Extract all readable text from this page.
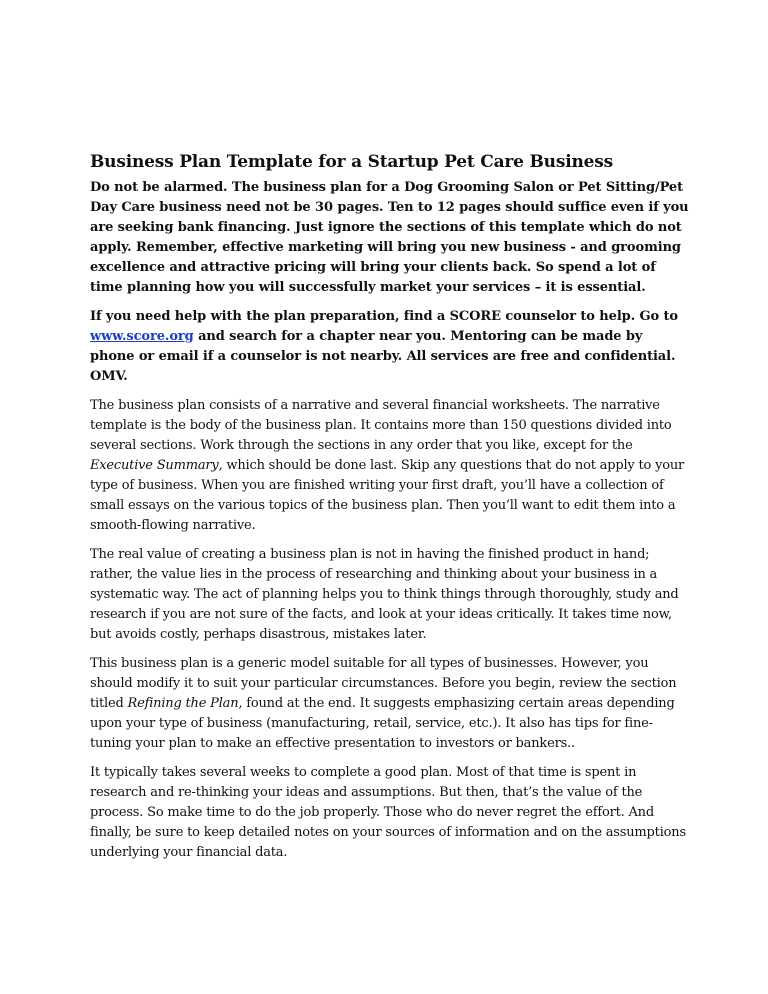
Business Plan Template for a Startup Pet Care Business

Do not be alarmed. The business plan for a Dog Grooming Salon or Pet Sitting/Pet Day Care business need not be 30 pages. Ten to 12 pages should suffice even if you are seeking bank financing. Just ignore the sections of this template which do not apply. Remember, effective marketing will bring you new business - and grooming excellence and attractive pricing will bring your clients back. So spend a lot of time planning how you will successfully market your services – it is essential.

If you need help with the plan preparation, find a SCORE counselor to help. Go to www.score.org and search for a chapter near you. Mentoring can be made by phone or email if a counselor is not nearby. All services are free and confidential. OMV.

The business plan consists of a narrative and several financial worksheets. The narrative template is the body of the business plan. It contains more than 150 questions divided into several sections. Work through the sections in any order that you like, except for the Executive Summary, which should be done last. Skip any questions that do not apply to your type of business. When you are finished writing your first draft, you’ll have a collection of small essays on the various topics of the business plan. Then you’ll want to edit them into a smooth-flowing narrative.

The real value of creating a business plan is not in having the finished product in hand; rather, the value lies in the process of researching and thinking about your business in a systematic way. The act of planning helps you to think things through thoroughly, study and research if you are not sure of the facts, and look at your ideas critically. It takes time now, but avoids costly, perhaps disastrous, mistakes later.

This business plan is a generic model suitable for all types of businesses. However, you should modify it to suit your particular circumstances. Before you begin, review the section titled Refining the Plan, found at the end. It suggests emphasizing certain areas depending upon your type of business (manufacturing, retail, service, etc.). It also has tips for fine-tuning your plan to make an effective presentation to investors or bankers..

It typically takes several weeks to complete a good plan. Most of that time is spent in research and re-thinking your ideas and assumptions. But then, that’s the value of the process. So make time to do the job properly. Those who do never regret the effort. And finally, be sure to keep detailed notes on your sources of information and on the assumptions underlying your financial data.
